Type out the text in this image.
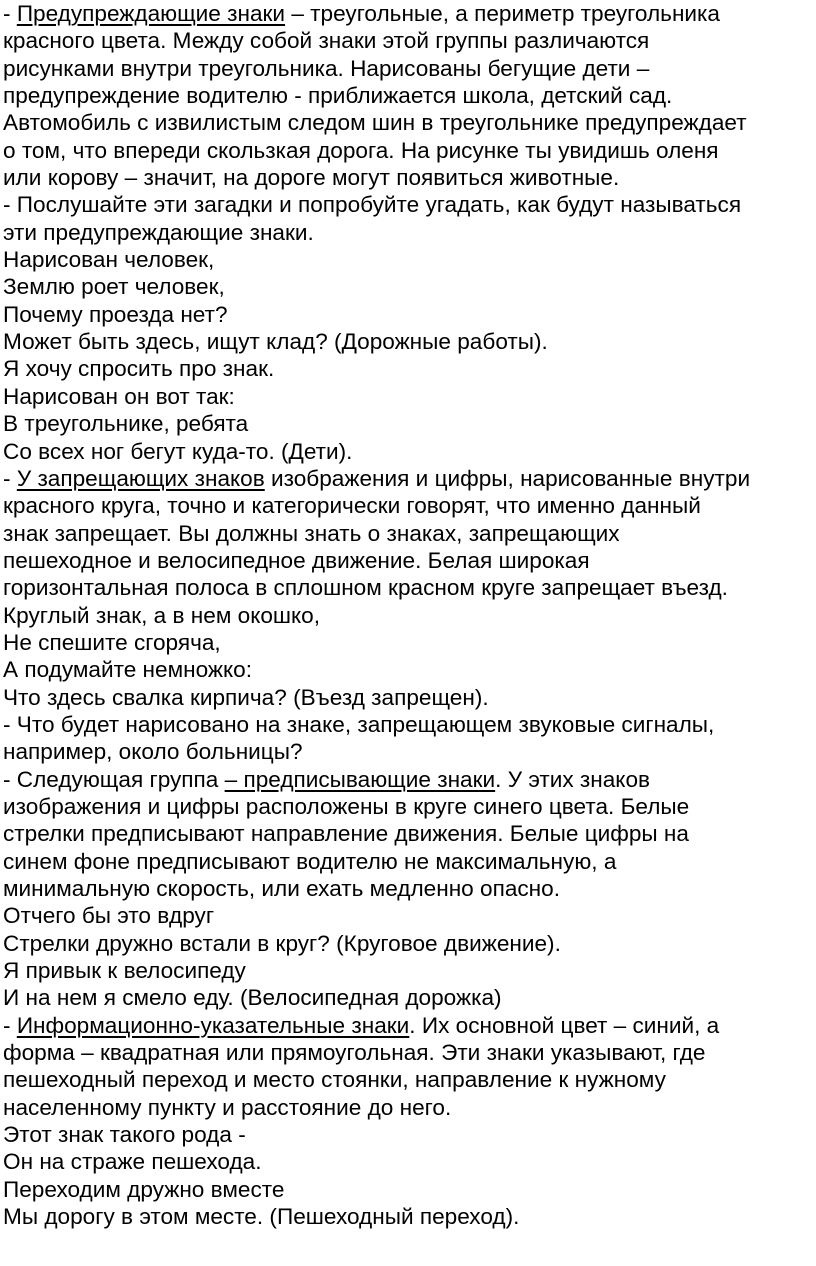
- Предупреждающие знаки – треугольные, а периметр треугольника
красного цвета. Между собой знаки этой группы различаются
рисунками внутри треугольника. Нарисованы бегущие дети –
предупреждение водителю - приближается школа, детский сад.
Автомобиль с извилистым следом шин в треугольнике предупреждает
о том, что впереди скользкая дорога. На рисунке ты увидишь оленя
или корову – значит, на дороге могут появиться животные.
- Послушайте эти загадки и попробуйте угадать, как будут называться
эти предупреждающие знаки.
Нарисован человек,
Землю роет человек,
Почему проезда нет?
Может быть здесь, ищут клад? (Дорожные работы).
Я хочу спросить про знак.
Нарисован он вот так:
В треугольнике, ребята
Со всех ног бегут куда-то. (Дети).
- У запрещающих знаков изображения и цифры, нарисованные внутри
красного круга, точно и категорически говорят, что именно данный
знак запрещает. Вы должны знать о знаках, запрещающих
пешеходное и велосипедное движение. Белая широкая
горизонтальная полоса в сплошном красном круге запрещает въезд.
Круглый знак, а в нем окошко,
Не спешите сгоряча,
А подумайте немножко:
Что здесь свалка кирпича? (Въезд запрещен).
- Что будет нарисовано на знаке, запрещающем звуковые сигналы,
например, около больницы?
- Следующая группа – предписывающие знаки. У этих знаков
изображения и цифры расположены в круге синего цвета. Белые
стрелки предписывают направление движения. Белые цифры на
синем фоне предписывают водителю не максимальную, а
минимальную скорость, или ехать медленно опасно.
Отчего бы это вдруг
Стрелки дружно встали в круг? (Круговое движение).
Я привык к велосипеду
И на нем я смело еду. (Велосипедная дорожка)
- Информационно-указательные знаки. Их основной цвет – синий, а
форма – квадратная или прямоугольная. Эти знаки указывают, где
пешеходный переход и место стоянки, направление к нужному
населенному пункту и расстояние до него.
Этот знак такого рода -
Он на страже пешехода.
Переходим дружно вместе
Мы дорогу в этом месте. (Пешеходный переход).
